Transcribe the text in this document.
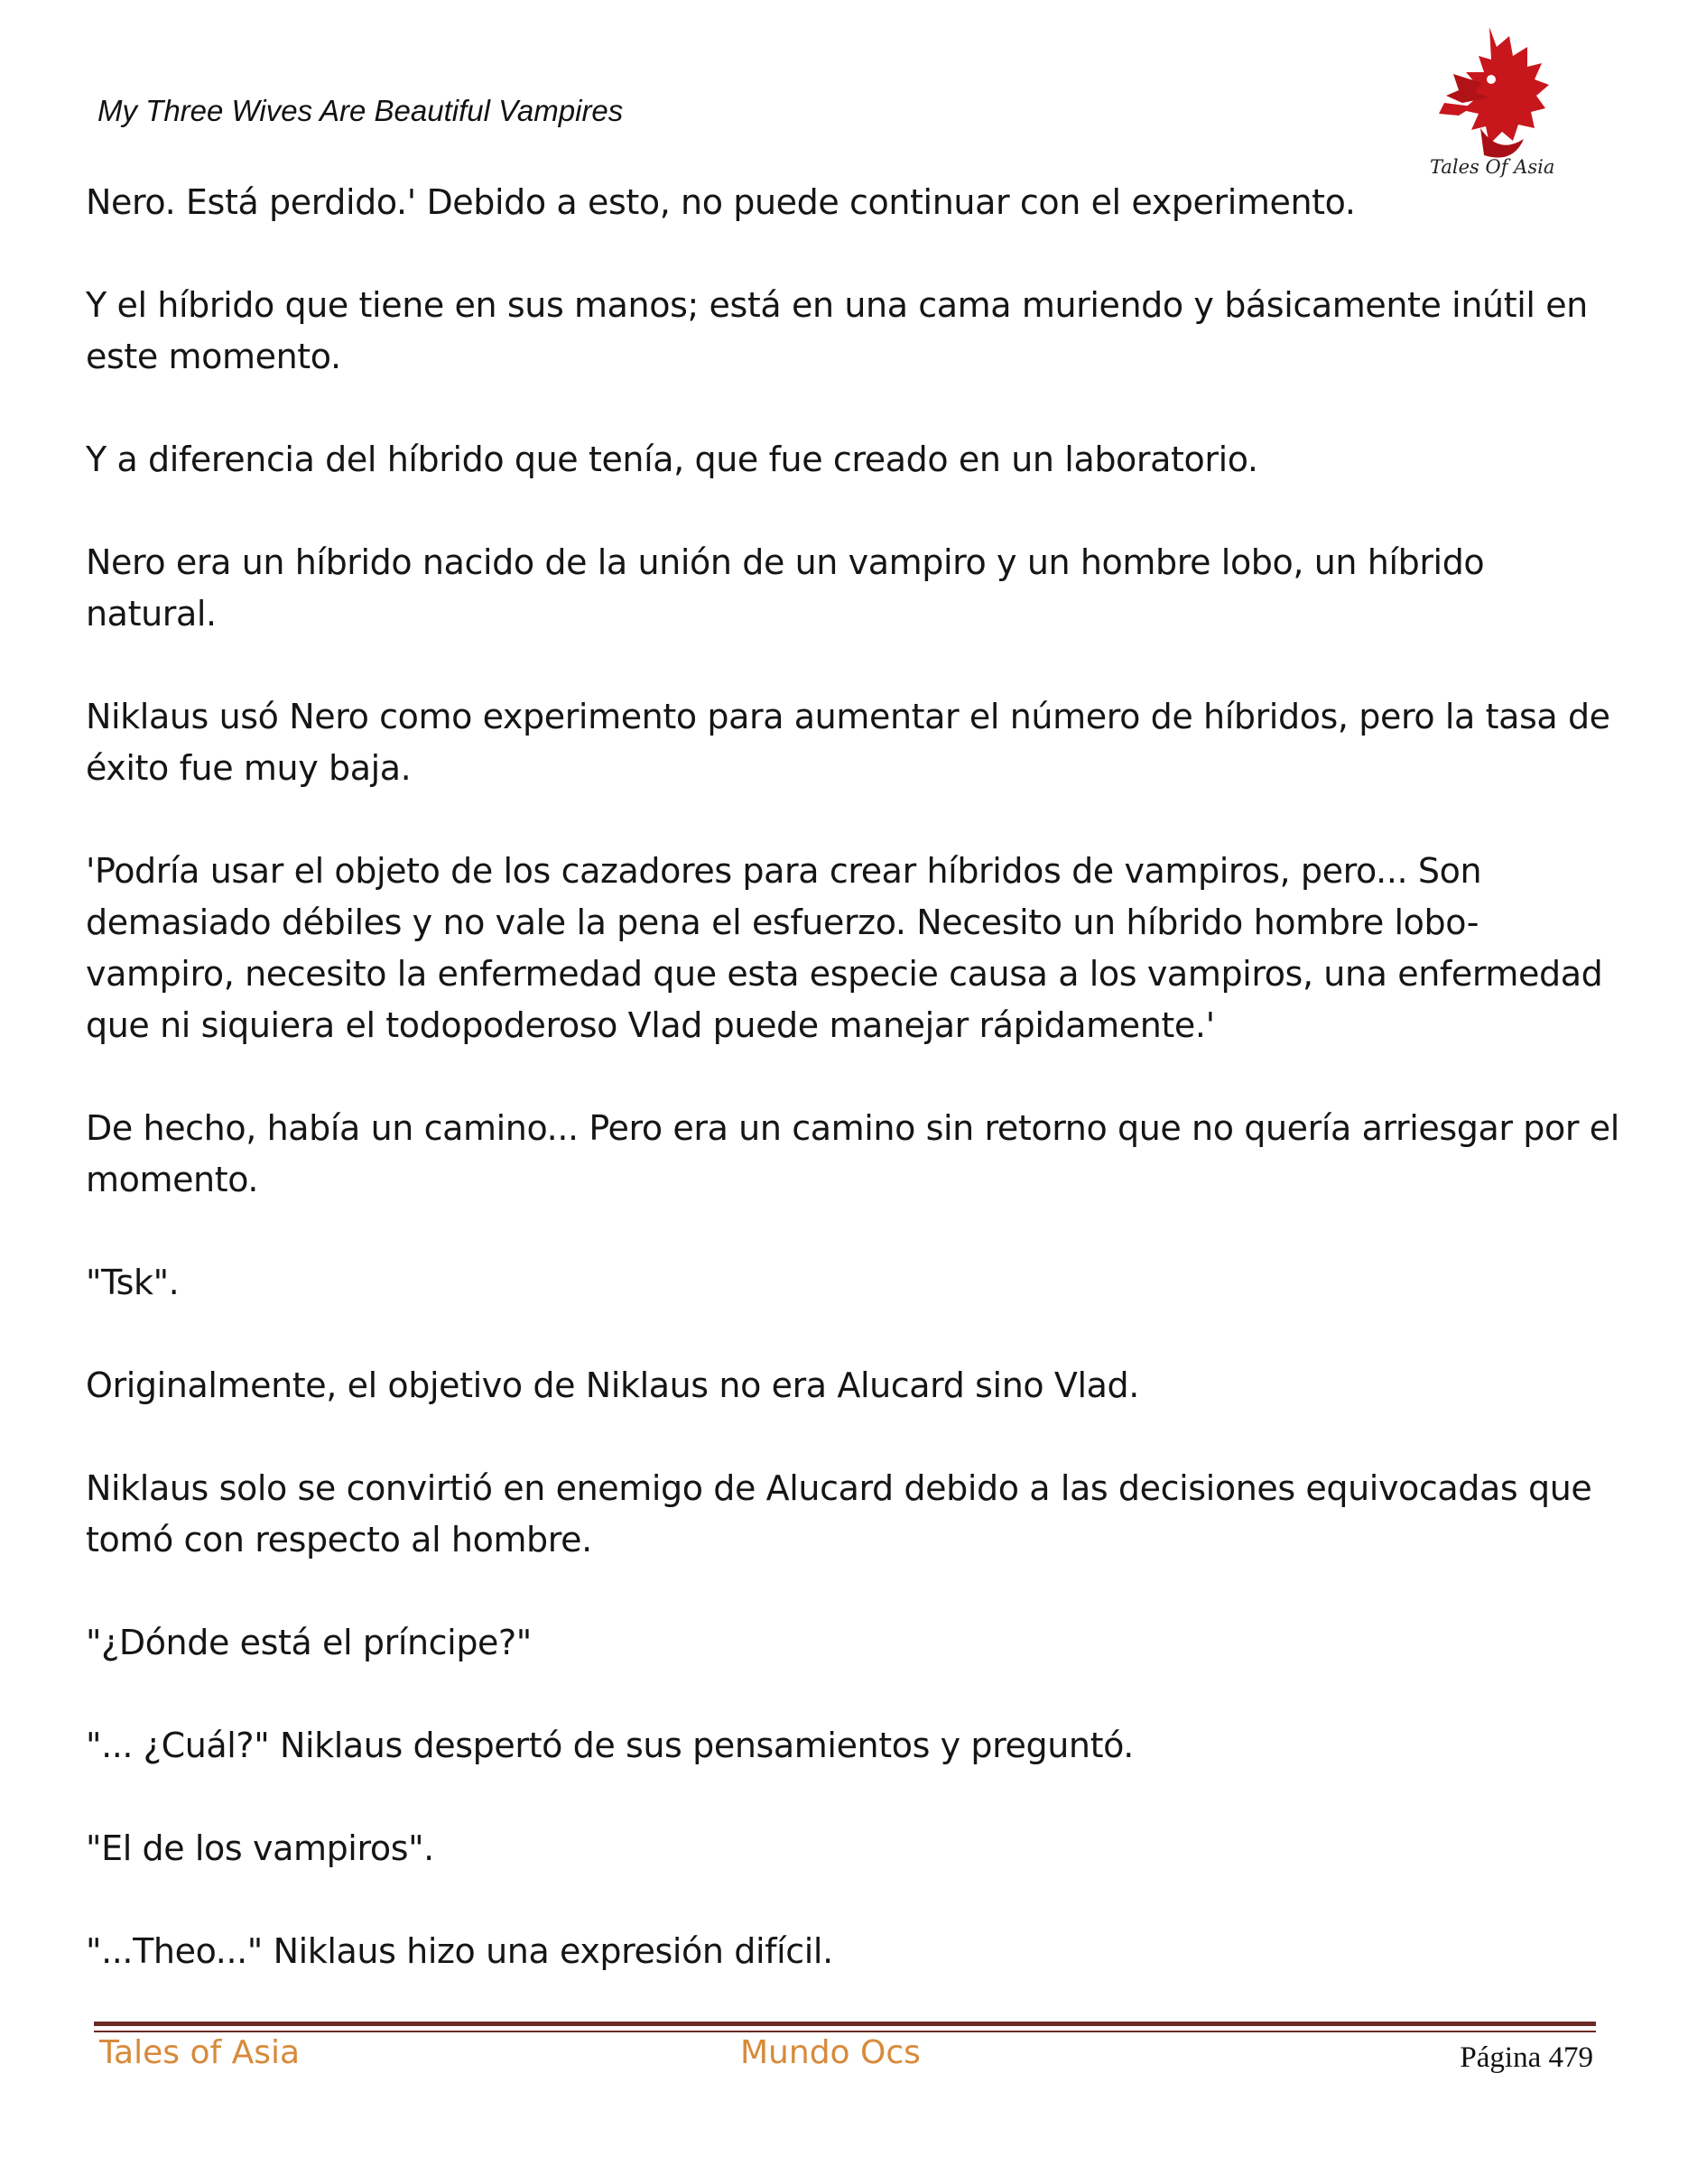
My Three Wives Are Beautiful Vampires
Tales Of Asia

Nero. Está perdido.' Debido a esto, no puede continuar con el experimento.

Y el híbrido que tiene en sus manos; está en una cama muriendo y básicamente inútil en este momento.

Y a diferencia del híbrido que tenía, que fue creado en un laboratorio.

Nero era un híbrido nacido de la unión de un vampiro y un hombre lobo, un híbrido natural.

Niklaus usó Nero como experimento para aumentar el número de híbridos, pero la tasa de éxito fue muy baja.

'Podría usar el objeto de los cazadores para crear híbridos de vampiros, pero... Son demasiado débiles y no vale la pena el esfuerzo. Necesito un híbrido hombre lobo-vampiro, necesito la enfermedad que esta especie causa a los vampiros, una enfermedad que ni siquiera el todopoderoso Vlad puede manejar rápidamente.'

De hecho, había un camino... Pero era un camino sin retorno que no quería arriesgar por el momento.

"Tsk".

Originalmente, el objetivo de Niklaus no era Alucard sino Vlad.

Niklaus solo se convirtió en enemigo de Alucard debido a las decisiones equivocadas que tomó con respecto al hombre.

"¿Dónde está el príncipe?"

"... ¿Cuál?" Niklaus despertó de sus pensamientos y preguntó.

"El de los vampiros".

"...Theo..." Niklaus hizo una expresión difícil.

Tales of Asia	Mundo Ocs	Página 479
